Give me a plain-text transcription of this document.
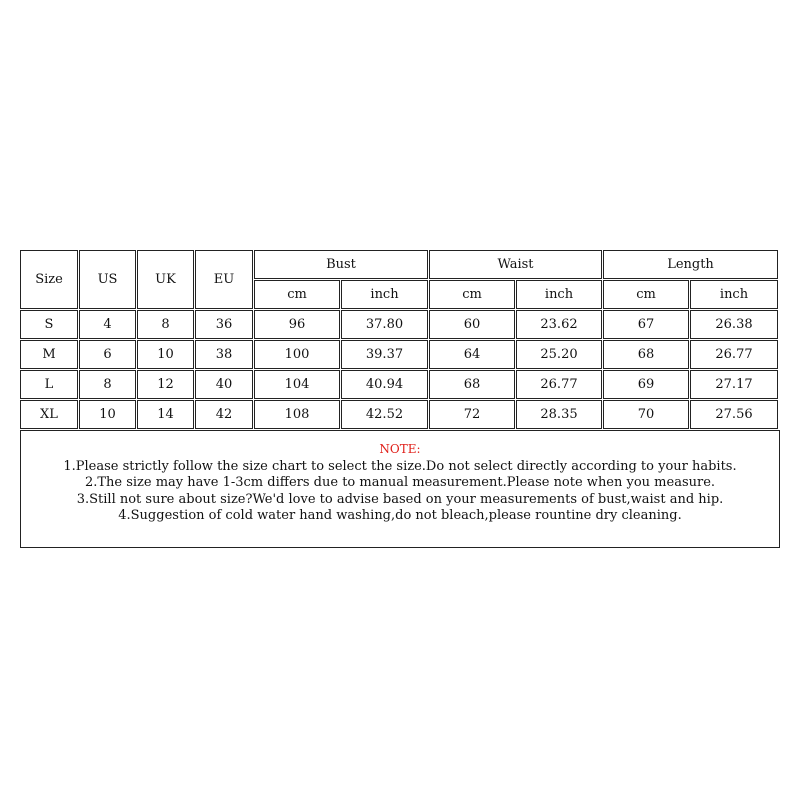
Size	US	UK	EU
Bust	Waist	Length
cm	inch	cm	inch	cm	inch
S	4	8	36	96	37.80	60	23.62	67	26.38
M	6	10	38	100	39.37	64	25.20	68	26.77
L	8	12	40	104	40.94	68	26.77	69	27.17
XL	10	14	42	108	42.52	72	28.35	70	27.56
NOTE:
1.Please strictly follow the size chart to select the size.Do not select directly according to your habits.
2.The size may have 1-3cm differs due to manual measurement.Please note when you measure.
3.Still not sure about size?We'd love to advise based on your measurements of bust,waist and hip.
4.Suggestion of cold water hand washing,do not bleach,please rountine dry cleaning.
